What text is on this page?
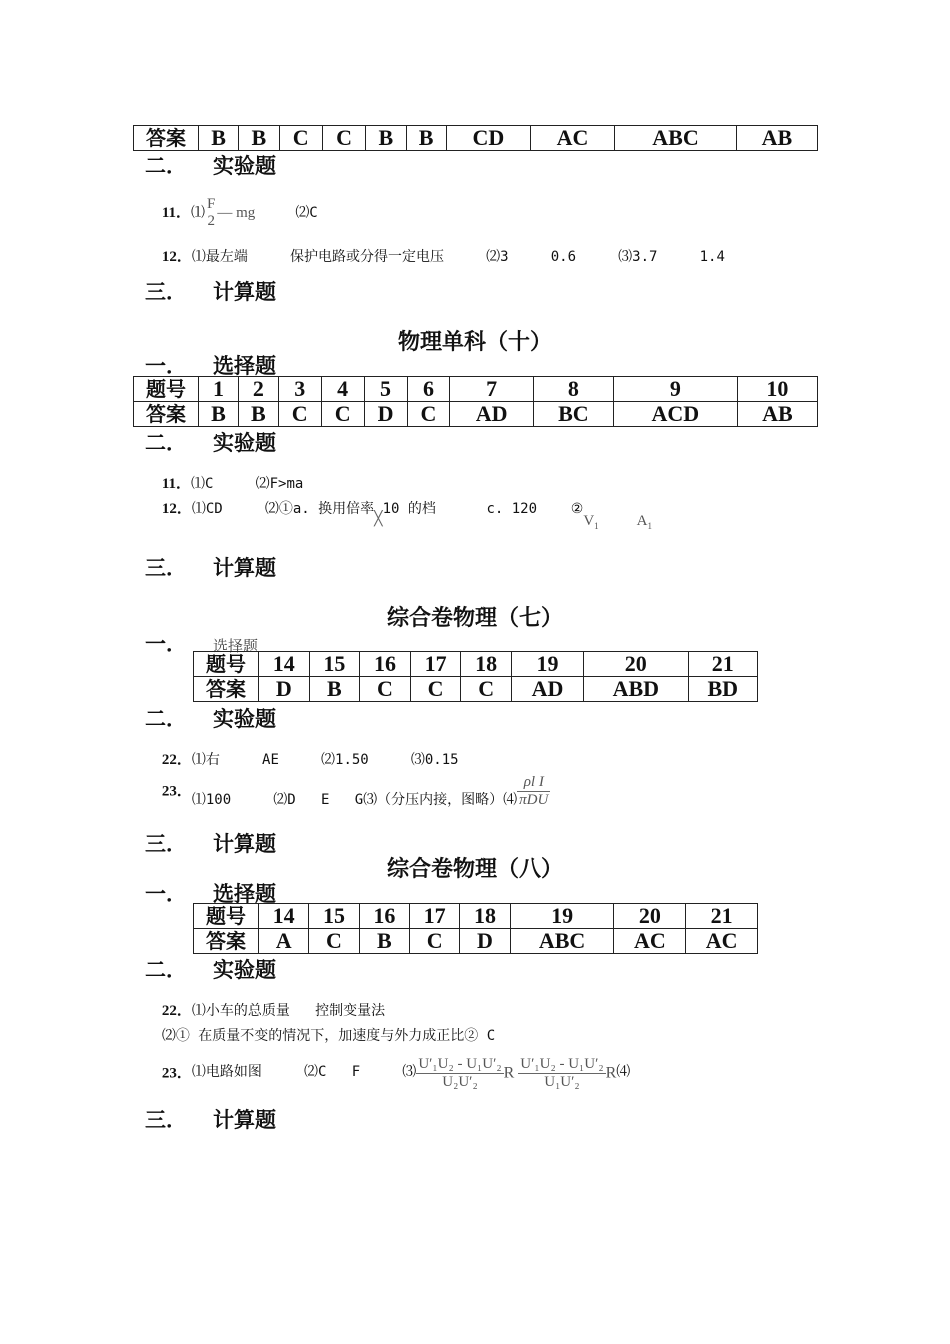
答案	B	B	C	C	B	B	CD	AC	ABC	AB
二． 实验题

11．⑴
F
2 — mg	⑵C

12．⑴最左端     保护电路或分得一定电压     ⑵3     0.6     ⑶3.7     1.4

三． 计算题
物理单科（十）
一． 选择题
题号	1	2	3	4	5	6	7	8	9	10
答案	B	B	C	C	D	C	AD	BC	ACD	AB
二． 实验题

11．⑴C     ⑵F>ma

12．⑴CD     ⑵①a. 换用倍率╳10 的档      c. 120    $②V_1$	$A_1$

三． 计算题
综合卷物理（七）
一． 选择题
题号	14	15	16	17	18	19	20	21
答案	D	B	C	C	C	AD	ABD	BD
二． 实验题

22．⑴右     AE     ⑵1.50     ⑶0.15

23．⑴100     ⑵D   E   G⑶（分压内接，图略）⑷ $\frac{\text{ρl I}}{\text{πDU}}$

三． 计算题
综合卷物理（八）
一． 选择题
题号	14	15	16	17	18	19	20	21
答案	A	C	B	C	D	ABC	AC	AC
二． 实验题

22．⑴小车的总质量   控制变量法

⑵① 在质量不变的情况下，加速度与外力成正比② C

23．⑴电路如图     ⑵C   F     ⑶ $\frac{\text{U′₁U₂ - U₁U′₂}}{\text{U₂U′₂}}$ R $\frac{\text{U′₁U₂ - U₁U′₂}}{\text{U₁U′₂}}$ R⑷

三． 计算题
